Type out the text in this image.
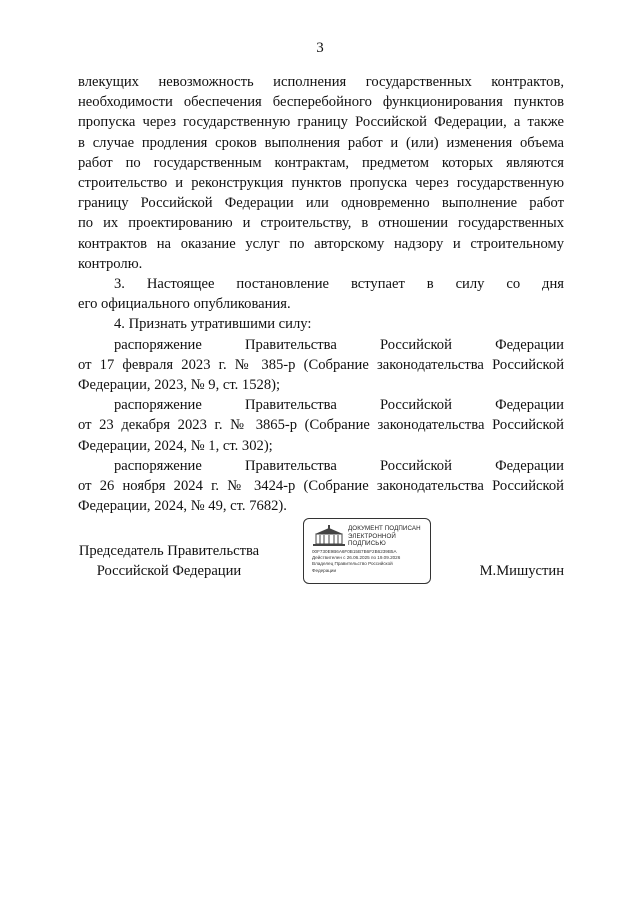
3
влекущих невозможность исполнения государственных контрактов,
необходимости обеспечения бесперебойного функционирования пунктов
пропуска через государственную границу Российской Федерации, а также
в случае продления сроков выполнения работ и (или) изменения объема
работ по государственным контрактам, предметом которых являются
строительство и реконструкция пунктов пропуска через государственную
границу Российской Федерации или одновременно выполнение работ
по их проектированию и строительству, в отношении государственных
контрактов на оказание услуг по авторскому надзору и строительному
контролю.
3. Настоящее постановление вступает в силу со дня
его официального опубликования.
4. Признать утратившими силу:
распоряжение Правительства Российской Федерации
от 17 февраля 2023 г. № 385-р (Собрание законодательства Российской
Федерации, 2023, № 9, ст. 1528);
распоряжение Правительства Российской Федерации
от 23 декабря 2023 г. № 3865-р (Собрание законодательства Российской
Федерации, 2024, № 1, ст. 302);
распоряжение Правительства Российской Федерации
от 26 ноября 2024 г. № 3424-р (Собрание законодательства Российской
Федерации, 2024, № 49, ст. 7682).
Председатель Правительства
Российской Федерации
ДОКУМЕНТ ПОДПИСАН
ЭЛЕКТРОННОЙ ПОДПИСЬЮ
00F730E9B6A6F0B15B7B6F2B6239B5A
Действителен с 26.06.2025 по 19.09.2026
Владелец Правительство Российской
Федерации	М.Мишустин
